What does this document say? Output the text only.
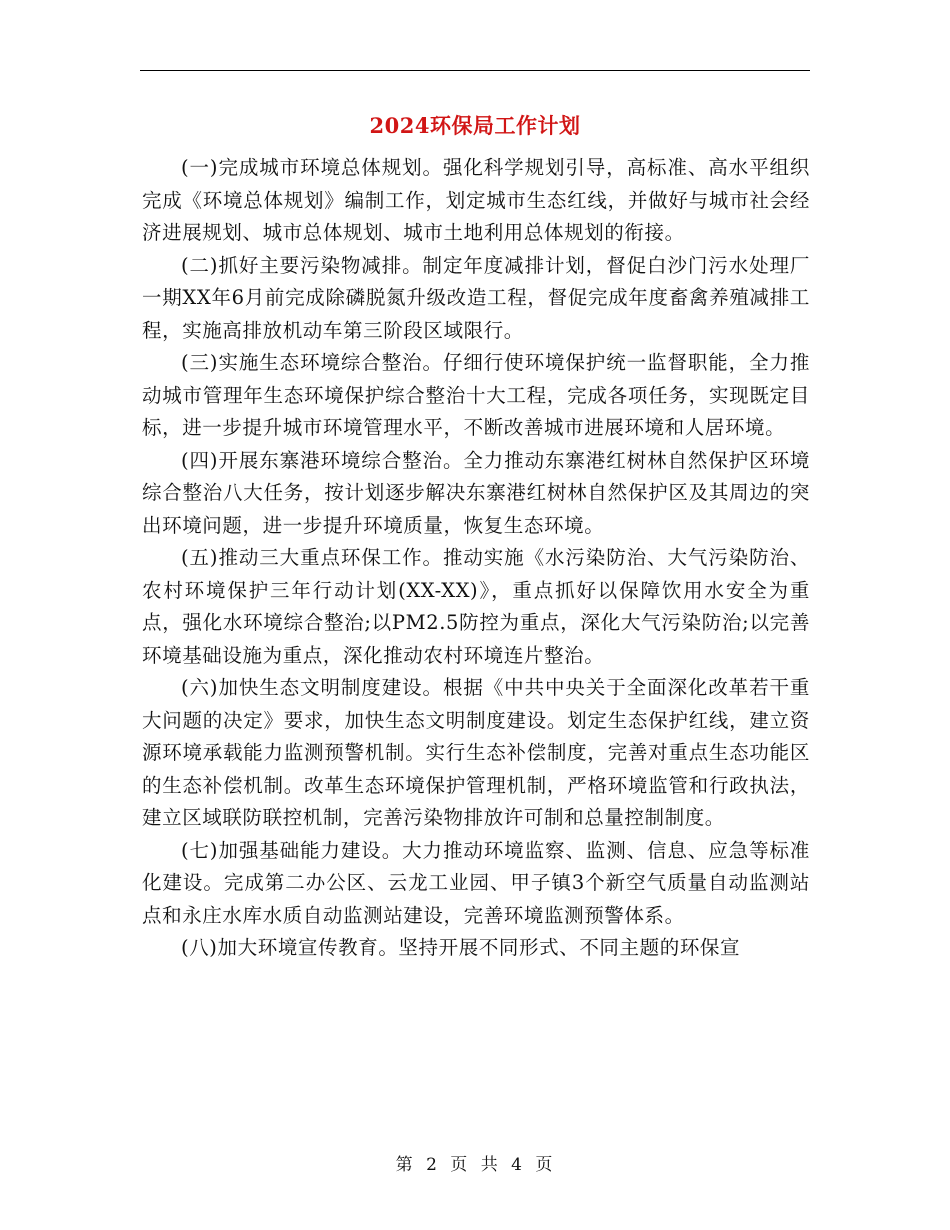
2024环保局工作计划

(一)完成城市环境总体规划。强化科学规划引导，高标准、高水平组织完成《环境总体规划》编制工作，划定城市生态红线，并做好与城市社会经济进展规划、城市总体规划、城市土地利用总体规划的衔接。

(二)抓好主要污染物减排。制定年度减排计划，督促白沙门污水处理厂一期XX年6月前完成除磷脱氮升级改造工程，督促完成年度畜禽养殖减排工程，实施高排放机动车第三阶段区域限行。

(三)实施生态环境综合整治。仔细行使环境保护统一监督职能，全力推动城市管理年生态环境保护综合整治十大工程，完成各项任务，实现既定目标，进一步提升城市环境管理水平，不断改善城市进展环境和人居环境。

(四)开展东寨港环境综合整治。全力推动东寨港红树林自然保护区环境综合整治八大任务，按计划逐步解决东寨港红树林自然保护区及其周边的突出环境问题，进一步提升环境质量，恢复生态环境。

(五)推动三大重点环保工作。推动实施《水污染防治、大气污染防治、农村环境保护三年行动计划(XX-XX)》，重点抓好以保障饮用水安全为重点，强化水环境综合整治;以PM2.5防控为重点，深化大气污染防治;以完善环境基础设施为重点，深化推动农村环境连片整治。

(六)加快生态文明制度建设。根据《中共中央关于全面深化改革若干重大问题的决定》要求，加快生态文明制度建设。划定生态保护红线，建立资源环境承载能力监测预警机制。实行生态补偿制度，完善对重点生态功能区的生态补偿机制。改革生态环境保护管理机制，严格环境监管和行政执法，建立区域联防联控机制，完善污染物排放许可制和总量控制制度。

(七)加强基础能力建设。大力推动环境监察、监测、信息、应急等标准化建设。完成第二办公区、云龙工业园、甲子镇3个新空气质量自动监测站点和永庄水库水质自动监测站建设，完善环境监测预警体系。

(八)加大环境宣传教育。坚持开展不同形式、不同主题的环保宣

第 2 页 共 4 页
